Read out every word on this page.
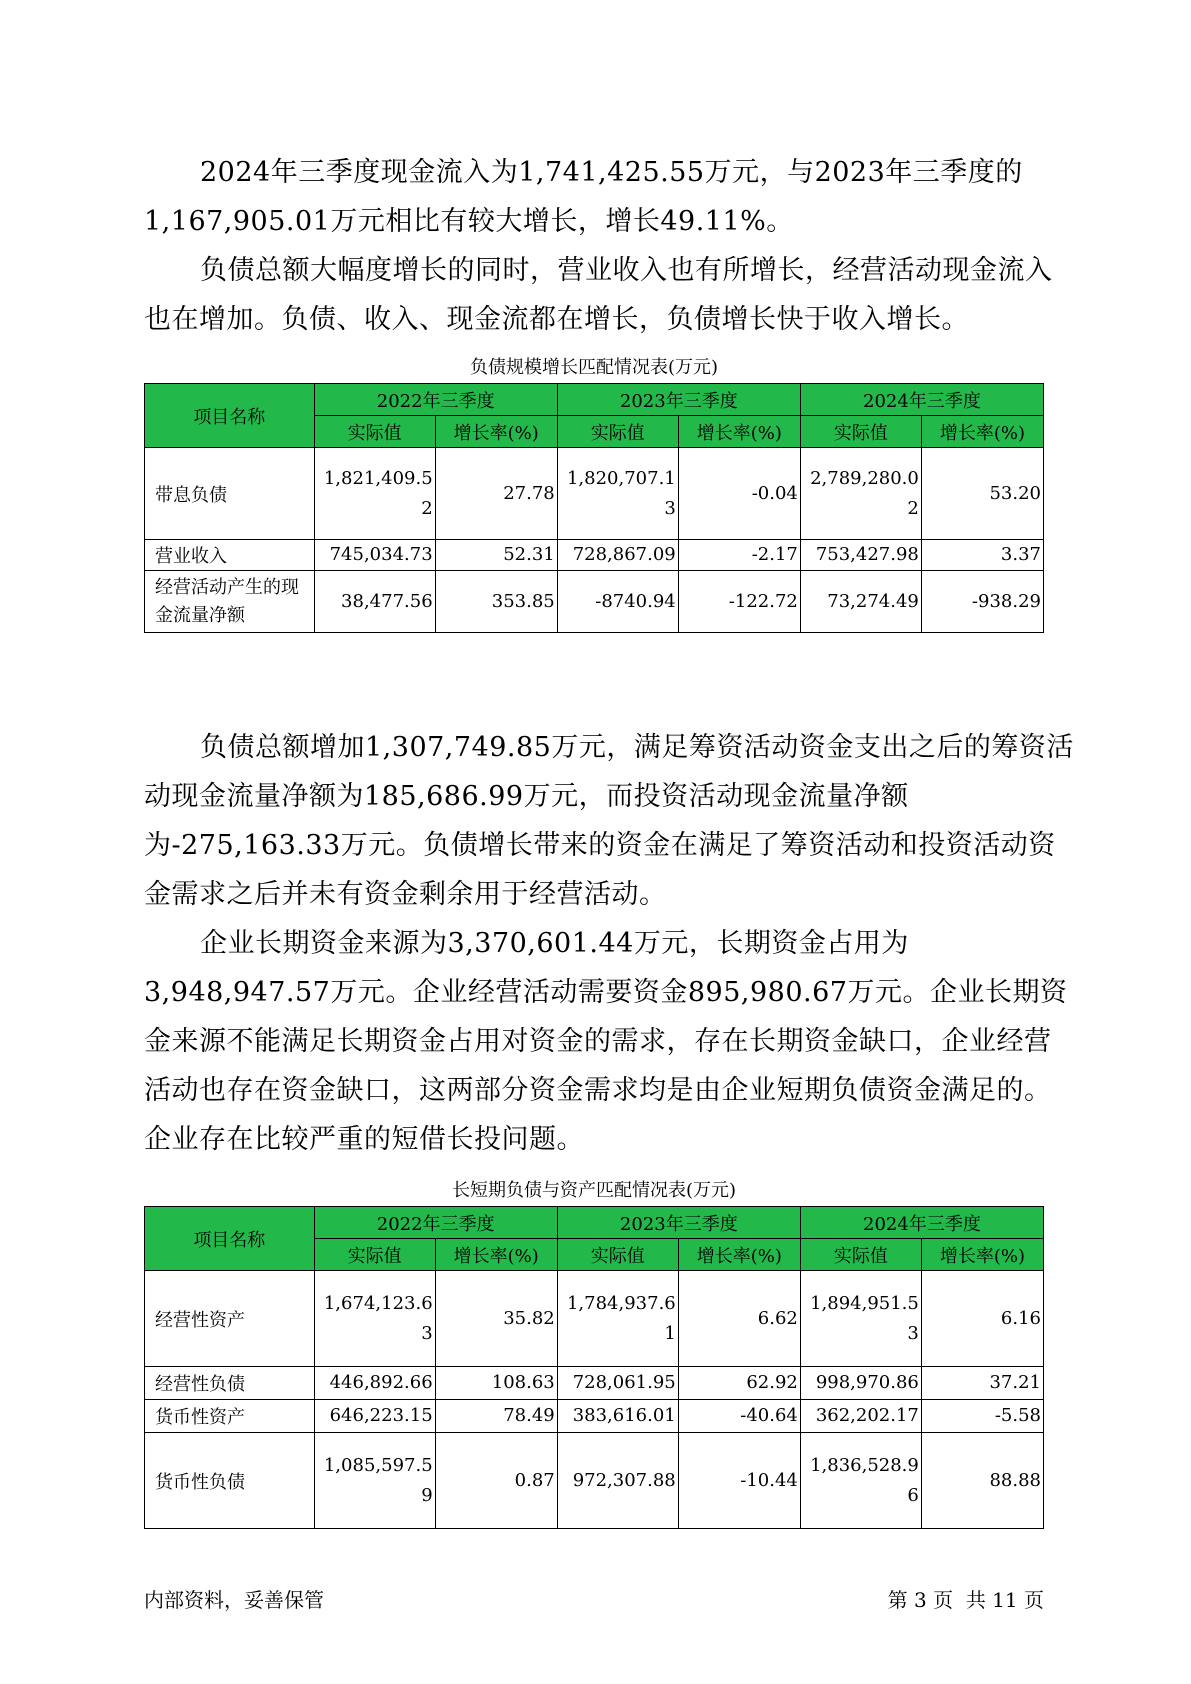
2024年三季度现金流入为1,741,425.55万元，与2023年三季度的1,167,905.01万元相比有较大增长，增长49.11%。

负债总额大幅度增长的同时，营业收入也有所增长，经营活动现金流入也在增加。负债、收入、现金流都在增长，负债增长快于收入增长。

负债规模增长匹配情况表(万元)
项目名称	2022年三季度		2023年三季度		2024年三季度	
	实际值	增长率(%)	实际值	增长率(%)	实际值	增长率(%)
带息负债	1,821,409.52	27.78	1,820,707.13	-0.04	2,789,280.02	53.20
营业收入	745,034.73	52.31	728,867.09	-2.17	753,427.98	3.37
经营活动产生的现金流量净额	38,477.56	353.85	-8740.94	-122.72	73,274.49	-938.29

负债总额增加1,307,749.85万元，满足筹资活动资金支出之后的筹资活动现金流量净额为185,686.99万元，而投资活动现金流量净额为-275,163.33万元。负债增长带来的资金在满足了筹资活动和投资活动资金需求之后并未有资金剩余用于经营活动。

企业长期资金来源为3,370,601.44万元，长期资金占用为3,948,947.57万元。企业经营活动需要资金895,980.67万元。企业长期资金来源不能满足长期资金占用对资金的需求，存在长期资金缺口，企业经营活动也存在资金缺口，这两部分资金需求均是由企业短期负债资金满足的。企业存在比较严重的短借长投问题。

长短期负债与资产匹配情况表(万元)
项目名称	2022年三季度		2023年三季度		2024年三季度	
	实际值	增长率(%)	实际值	增长率(%)	实际值	增长率(%)
经营性资产	1,674,123.63	35.82	1,784,937.61	6.62	1,894,951.53	6.16
经营性负债	446,892.66	108.63	728,061.95	62.92	998,970.86	37.21
货币性资产	646,223.15	78.49	383,616.01	-40.64	362,202.17	-5.58
货币性负债	1,085,597.59	0.87	972,307.88	-10.44	1,836,528.96	88.88
内部资料，妥善保管	第 3 页  共 11 页
